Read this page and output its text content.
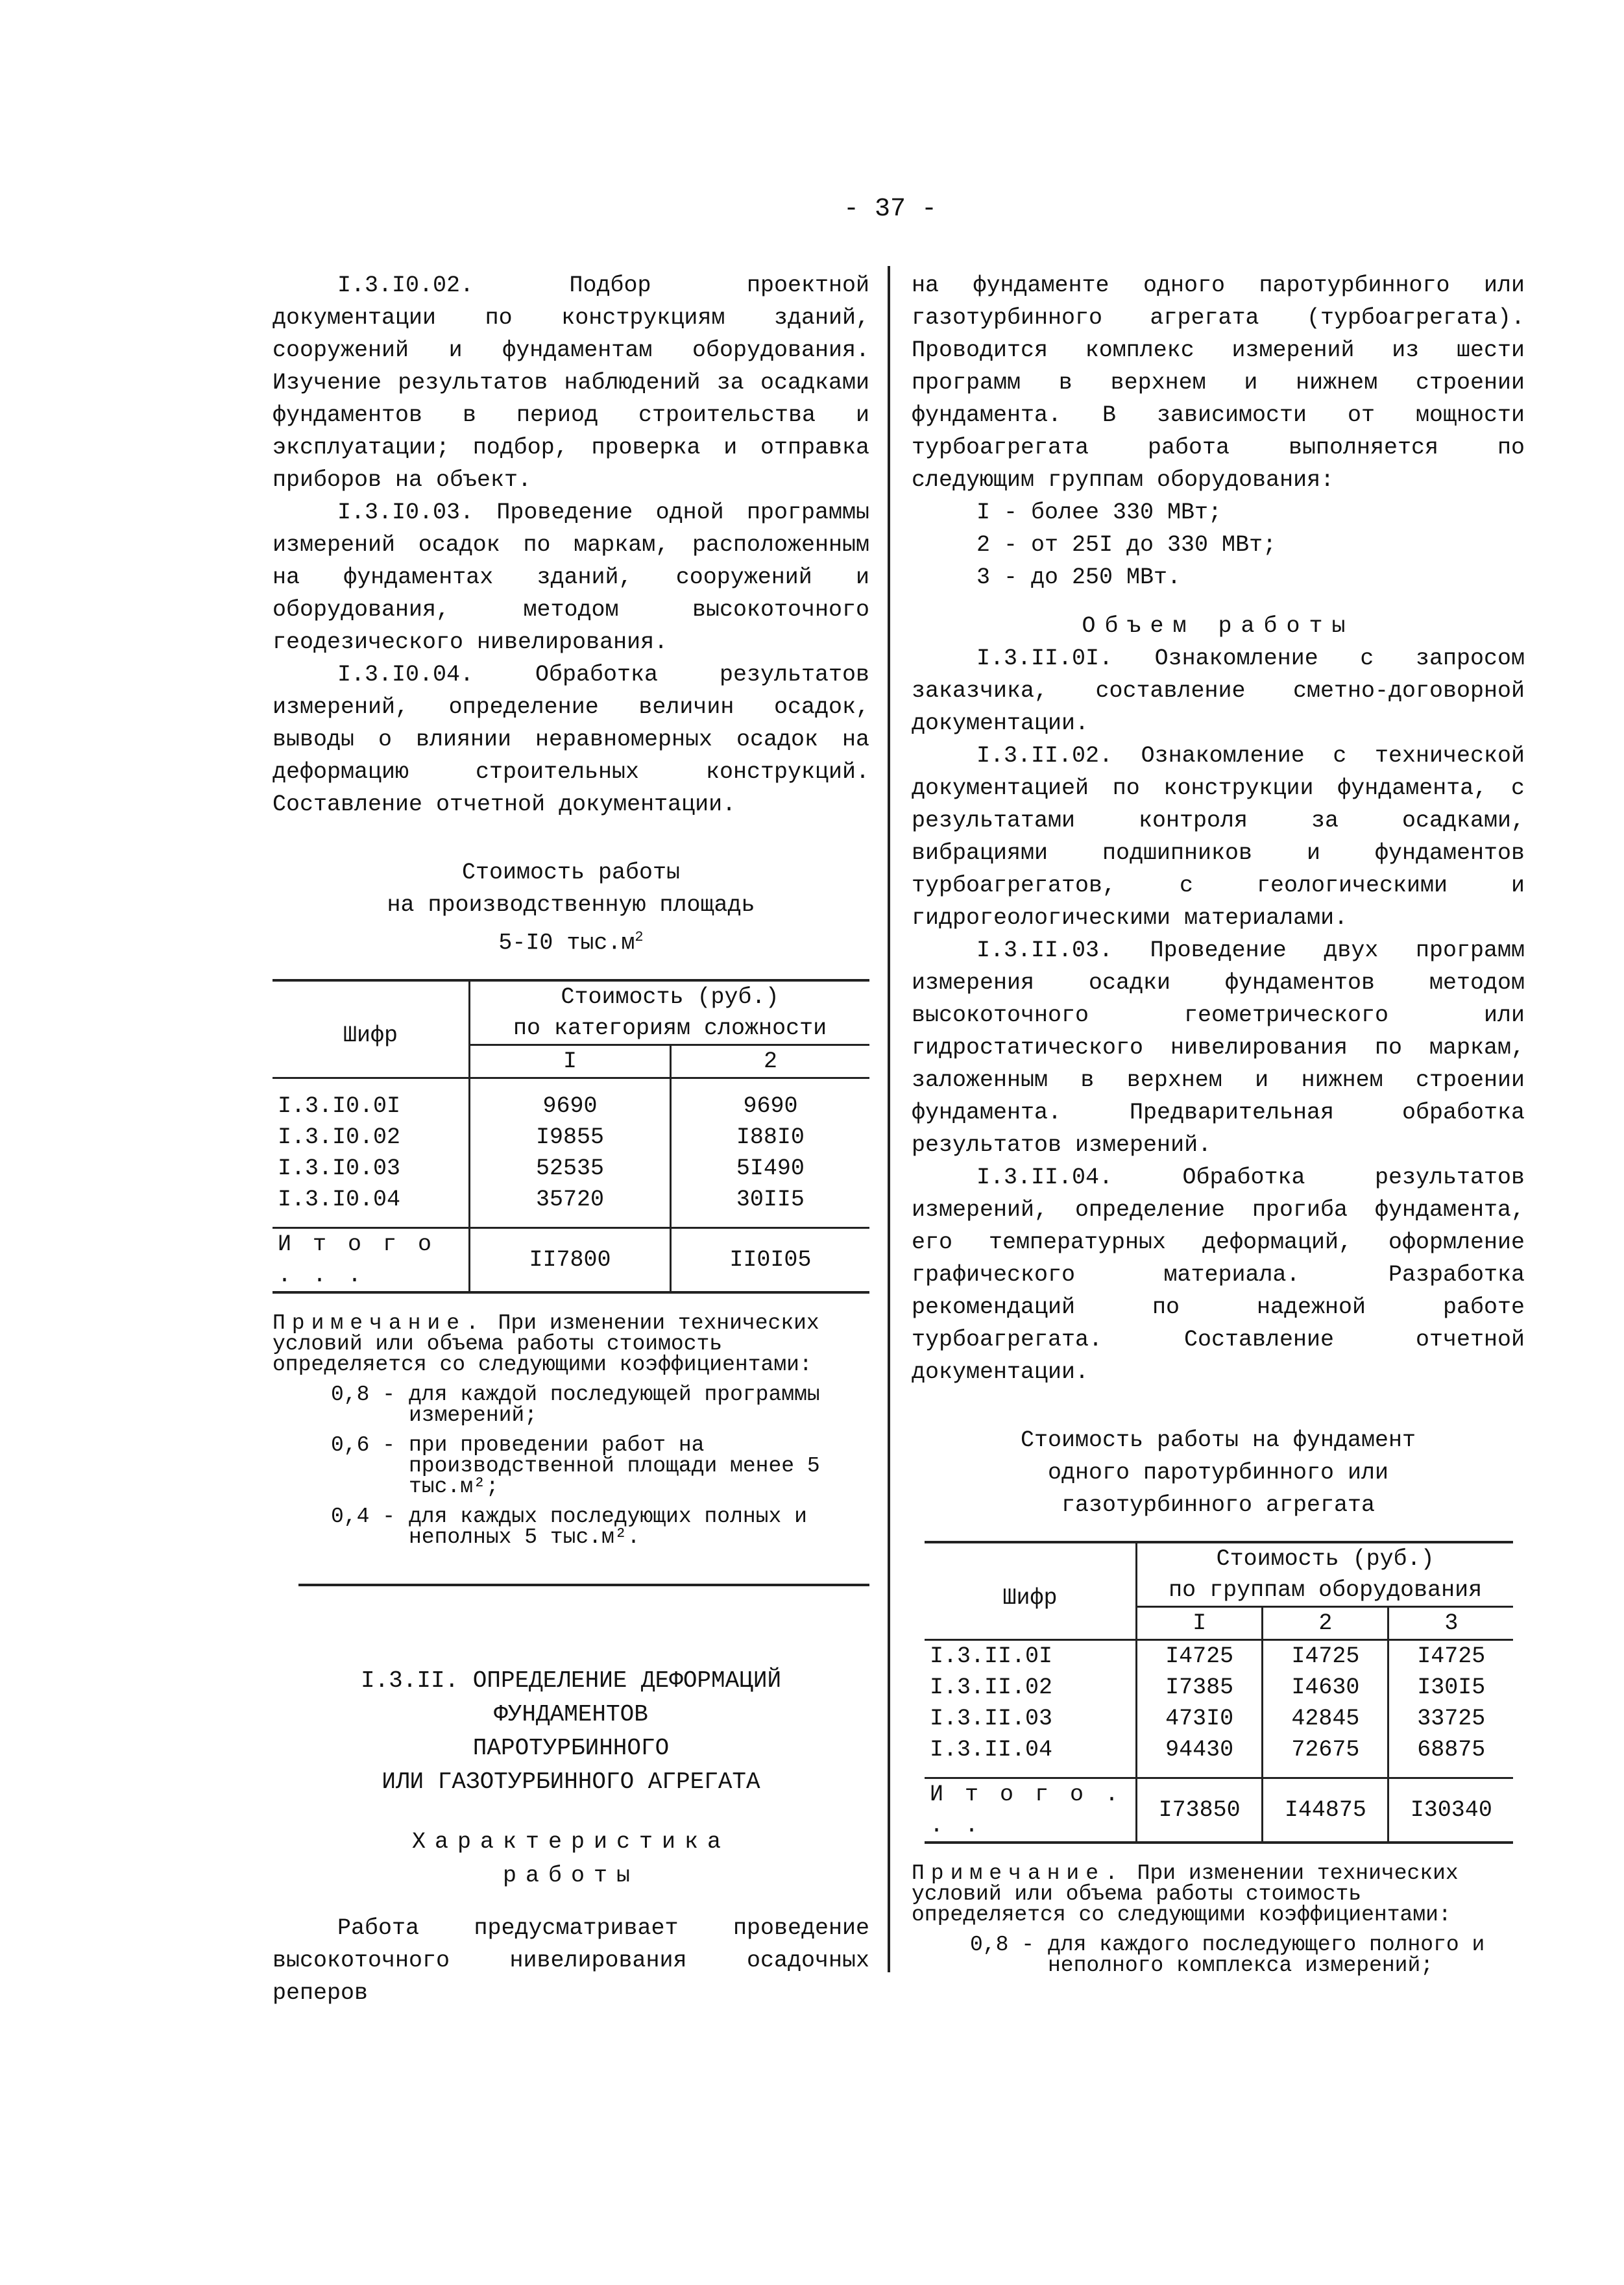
- 37 -

I.3.I0.02. Подбор проектной документации по конструкциям зданий, сооружений и фундаментам оборудования. Изучение результатов наблюдений за осадками фундаментов в период строительства и эксплуатации; подбор, проверка и отправка приборов на объект.

I.3.I0.03. Проведение одной программы измерений осадок по маркам, расположенным на фундаментах зданий, сооружений и оборудования, методом высокоточного геодезического нивелирования.

I.3.I0.04. Обработка результатов измерений, определение величин осадок, выводы о влиянии неравномерных осадок на деформацию строительных конструкций. Составление отчетной документации.

Стоимость работы
на производственную площадь
5-I0 $тыс.м^2$
Шифр	Стоимость (руб.)
по категориям сложности	

	I	2

I.3.I0.0I	9690	9690
I.3.I0.02	I9855	I88I0
I.3.I0.03	52535	5I490
I.3.I0.04	35720	30II5

И т о г о . . .	II7800	II0I05
Примечание. При изменении технических условий или объема работы стоимость определяется со следующими коэффициентами:
0,8 - для каждой последующей программы измерений;
0,6 - при проведении работ на производственной площади менее 5 тыс.м²;
0,4 - для каждых последующих полных и неполных 5 тыс.м².
I.3.II. ОПРЕДЕЛЕНИЕ ДЕФОРМАЦИЙ
ФУНДАМЕНТОВ
ПАРОТУРБИННОГО
ИЛИ ГАЗОТУРБИННОГО АГРЕГАТА
Характеристика
работы

Работа предусматривает проведение высокоточного нивелирования осадочных реперов

на фундаменте одного паротурбинного или газотурбинного агрегата (турбоагрегата). Проводится комплекс измерений из шести программ в верхнем и нижнем строении фундамента. В зависимости от мощности турбоагрегата работа выполняется по следующим группам оборудования:

I - более 330 МВт;
2 - от 25I до 330 МВт;
3 - до 250 МВт.
Объем работы

I.3.II.0I. Ознакомление с запросом заказчика, составление сметно-договорной документации.

I.3.II.02. Ознакомление с технической документацией по конструкции фундамента, с результатами контроля за осадками, вибрациями подшипников и фундаментов турбоагрегатов, с геологическими и гидрогеологическими материалами.

I.3.II.03. Проведение двух программ измерения осадки фундаментов методом высокоточного геометрического или гидростатического нивелирования по маркам, заложенным в верхнем и нижнем строении фундамента. Предварительная обработка результатов измерений.

I.3.II.04. Обработка результатов измерений, определение прогиба фундамента, его температурных деформаций, оформление графического материала. Разработка рекомендаций по надежной работе турбоагрегата. Составление отчетной документации.

Стоимость работы на фундамент
одного паротурбинного или
газотурбинного агрегата
Шифр	Стоимость (руб.)
по группам оборудования		

	I	2	3
I.3.II.0I	I4725	I4725	I4725
I.3.II.02	I7385	I4630	I30I5
I.3.II.03	473I0	42845	33725
I.3.II.04	94430	72675	68875

И т о г о . . .	I73850	I44875	I30340
Примечание. При изменении технических условий или объема работы стоимость определяется со следующими коэффициентами:
0,8 - для каждого последующего полного и неполного комплекса измерений;
